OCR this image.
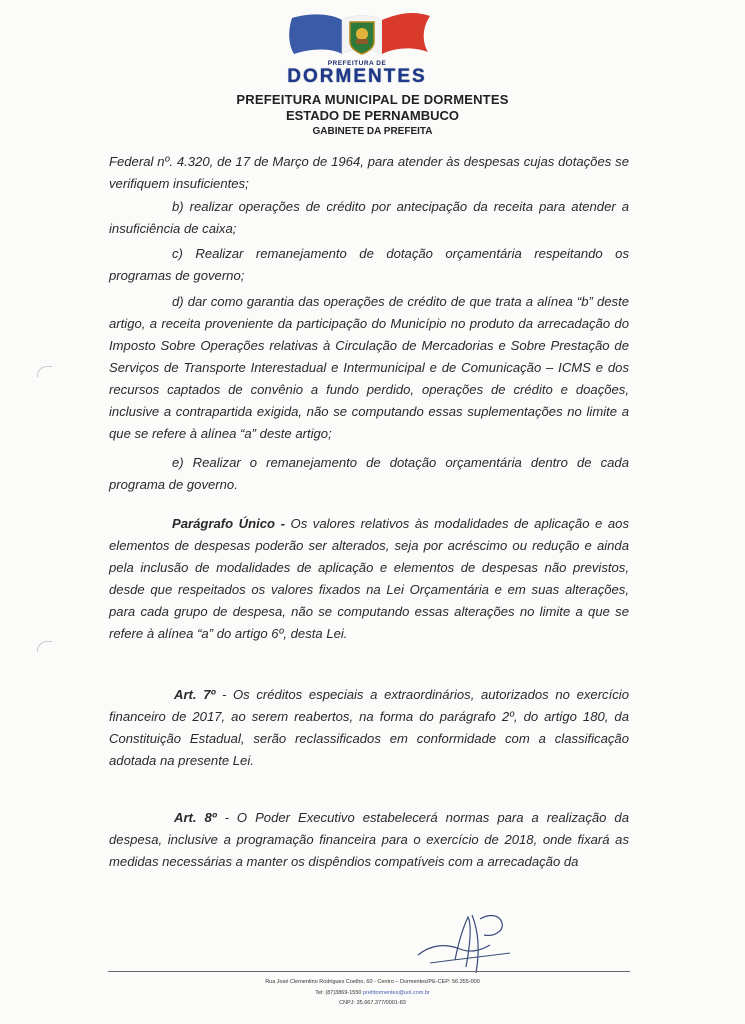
PREFEITURA DE
DORMENTES
PREFEITURA MUNICIPAL DE DORMENTES
ESTADO DE PERNAMBUCO
GABINETE DA PREFEITA

Federal nº. 4.320, de 17 de Março de 1964, para atender às despesas cujas dotações se verifiquem insuficientes;

b) realizar operações de crédito por antecipação da receita para atender a insuficiência de caixa;

c) Realizar remanejamento de dotação orçamentária respeitando os programas de governo;

d) dar como garantia das operações de crédito de que trata a alínea “b” deste artigo, a receita proveniente da participação do Município no produto da arrecadação do Imposto Sobre Operações relativas à Circulação de Mercadorias e Sobre Prestação de Serviços de Transporte Interestadual e Intermunicipal e de Comunicação – ICMS e dos recursos captados de convênio a fundo perdido, operações de crédito e doações, inclusive a contrapartida exigida, não se computando essas suplementações no limite a que se refere à alínea “a” deste artigo;

e) Realizar o remanejamento de dotação orçamentária dentro de cada programa de governo.

Parágrafo Único - Os valores relativos às modalidades de aplicação e aos elementos de despesas poderão ser alterados, seja por acréscimo ou redução e ainda pela inclusão de modalidades de aplicação e elementos de despesas não previstos, desde que respeitados os valores fixados na Lei Orçamentária e em suas alterações, para cada grupo de despesa, não se computando essas alterações no limite a que se refere à alínea “a” do artigo 6º, desta Lei.

Art. 7º - Os créditos especiais a extraordinários, autorizados no exercício financeiro de 2017, ao serem reabertos, na forma do parágrafo 2º, do artigo 180, da Constituição Estadual, serão reclassificados em conformidade com a classificação adotada na presente Lei.

Art. 8º - O Poder Executivo estabelecerá normas para a realização da despesa, inclusive a programação financeira para o exercício de 2018, onde fixará as medidas necessárias a manter os dispêndios compatíveis com a arrecadação da

Rua José Clementino Rodrigues Coelho, 60 - Centro – Dormentes/PE-CEP: 56.355-000
Tel: (87)3869-1550 prefdormentes@uol.com.br
CNPJ: 35.667.377/0001-83
